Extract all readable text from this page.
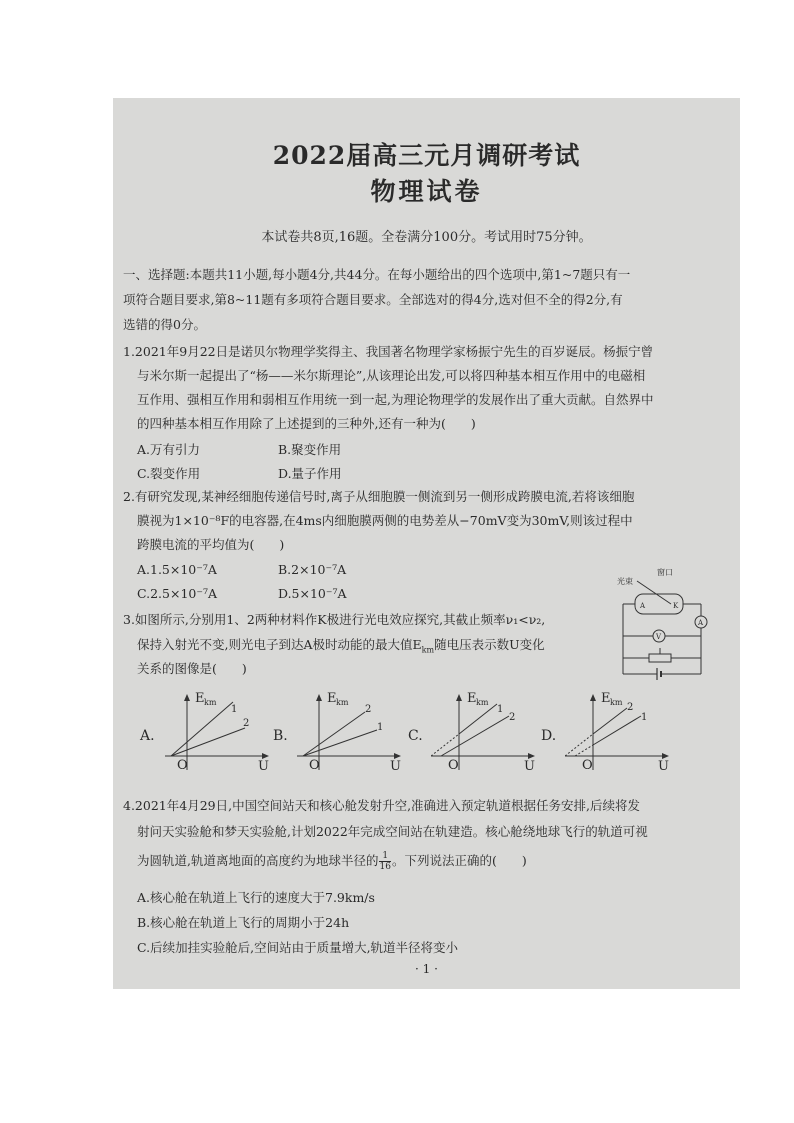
2022届高三元月调研考试
物理试卷
本试卷共8页,16题。全卷满分100分。考试用时75分钟。
一、选择题:本题共11小题,每小题4分,共44分。在每小题给出的四个选项中,第1~7题只有一
项符合题目要求,第8~11题有多项符合题目要求。全部选对的得4分,选对但不全的得2分,有
选错的得0分。
1.2021年9月22日是诺贝尔物理学奖得主、我国著名物理学家杨振宁先生的百岁诞辰。杨振宁曾
与米尔斯一起提出了“杨——米尔斯理论”,从该理论出发,可以将四种基本相互作用中的电磁相
互作用、强相互作用和弱相互作用统一到一起,为理论物理学的发展作出了重大贡献。自然界中
的四种基本相互作用除了上述提到的三种外,还有一种为(　　)
A.万有引力	B.聚变作用
C.裂变作用	D.量子作用
2.有研究发现,某神经细胞传递信号时,离子从细胞膜一侧流到另一侧形成跨膜电流,若将该细胞
膜视为1×10⁻⁸F的电容器,在4ms内细胞膜两侧的电势差从−70mV变为30mV,则该过程中
跨膜电流的平均值为(　　)
A.1.5×10⁻⁷A	B.2×10⁻⁷A
C.2.5×10⁻⁷A	D.5×10⁻⁷A
3.如图所示,分别用1、2两种材料作K极进行光电效应探究,其截止频率ν₁<ν₂,
保持入射光不变,则光电子到达A极时动能的最大值$E_{km}$随电压表示数U变化
关系的图像是(　　)
光束
窗口
A	K
A
V
A.
E km
U
O
1
2
B.
E km
U
O
2
1
C.
E km
U
O
1
2
D.
E km
U
O
2
1
4.2021年4月29日,中国空间站天和核心舱发射升空,准确进入预定轨道根据任务安排,后续将发
射问天实验舱和梦天实验舱,计划2022年完成空间站在轨建造。核心舱绕地球飞行的轨道可视
为圆轨道,轨道离地面的高度约为地球半径的 $\frac{1}{16}$ 。下列说法正确的(　　)
A.核心舱在轨道上飞行的速度大于7.9km/s
B.核心舱在轨道上飞行的周期小于24h
C.后续加挂实验舱后,空间站由于质量增大,轨道半径将变小
· 1 ·
